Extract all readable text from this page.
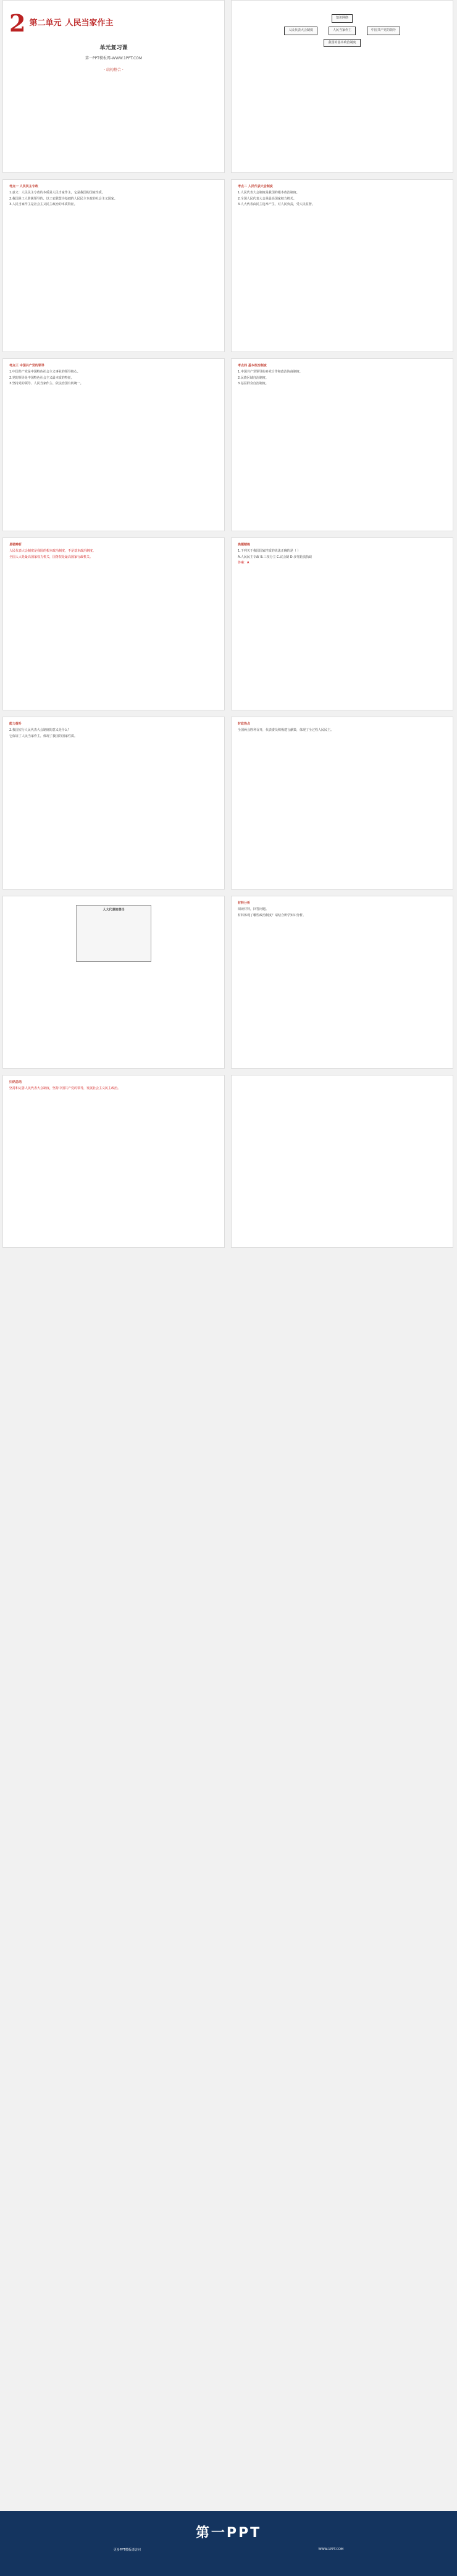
2 第二单元 人民当家作主
单元复习课
第一PPT模板网-WWW.1PPT.COM
· 结构整合 ·
知识网络
人民代表大会制度	人民当家作主	中国共产党的领导
我国的基本政治制度
考点一 人民民主专政

1.意义：人民民主专政的本质是人民当家作主，它是我国的国家性质。

2.我国是工人阶级领导的、以工农联盟为基础的人民民主专政的社会主义国家。

3.人民当家作主是社会主义民主政治的本质特征。

考点二 人民代表大会制度

1.人民代表大会制度是我国的根本政治制度。

2.全国人民代表大会是最高国家权力机关。

3.人大代表由民主选举产生，对人民负责，受人民监督。

考点三 中国共产党的领导

1.中国共产党是中国特色社会主义事业的领导核心。

2.党的领导是中国特色社会主义最本质的特征。

3.坚持党的领导、人民当家作主、依法治国有机统一。

考点四 基本政治制度

1.中国共产党领导的多党合作和政治协商制度。

2.民族区域自治制度。

3.基层群众自治制度。

易错辨析

人民代表大会制度是我国的根本政治制度，不是基本政治制度。

全国人大是最高国家权力机关，国务院是最高国家行政机关。

典题精练

1.下列关于我国国家性质的说法正确的是（ ）

A.人民民主专政 B.三权分立 C.议会制 D.多党轮流执政

答案：A

能力提升

2.我国实行人民代表大会制度的意义是什么？

它保证了人民当家作主，体现了我国的国家性质。

时政热点

全国两会胜利召开，代表委员积极建言献策，体现了全过程人民民主。

人大代表的责任
材料分析

阅读材料，回答问题。

材料体现了哪些政治制度？请结合所学知识分析。

归纳总结

坚持和完善人民代表大会制度，坚持中国共产党的领导，发展社会主义民主政治。

第一PPT
更多PPT模板请访问	WWW.1PPT.COM
